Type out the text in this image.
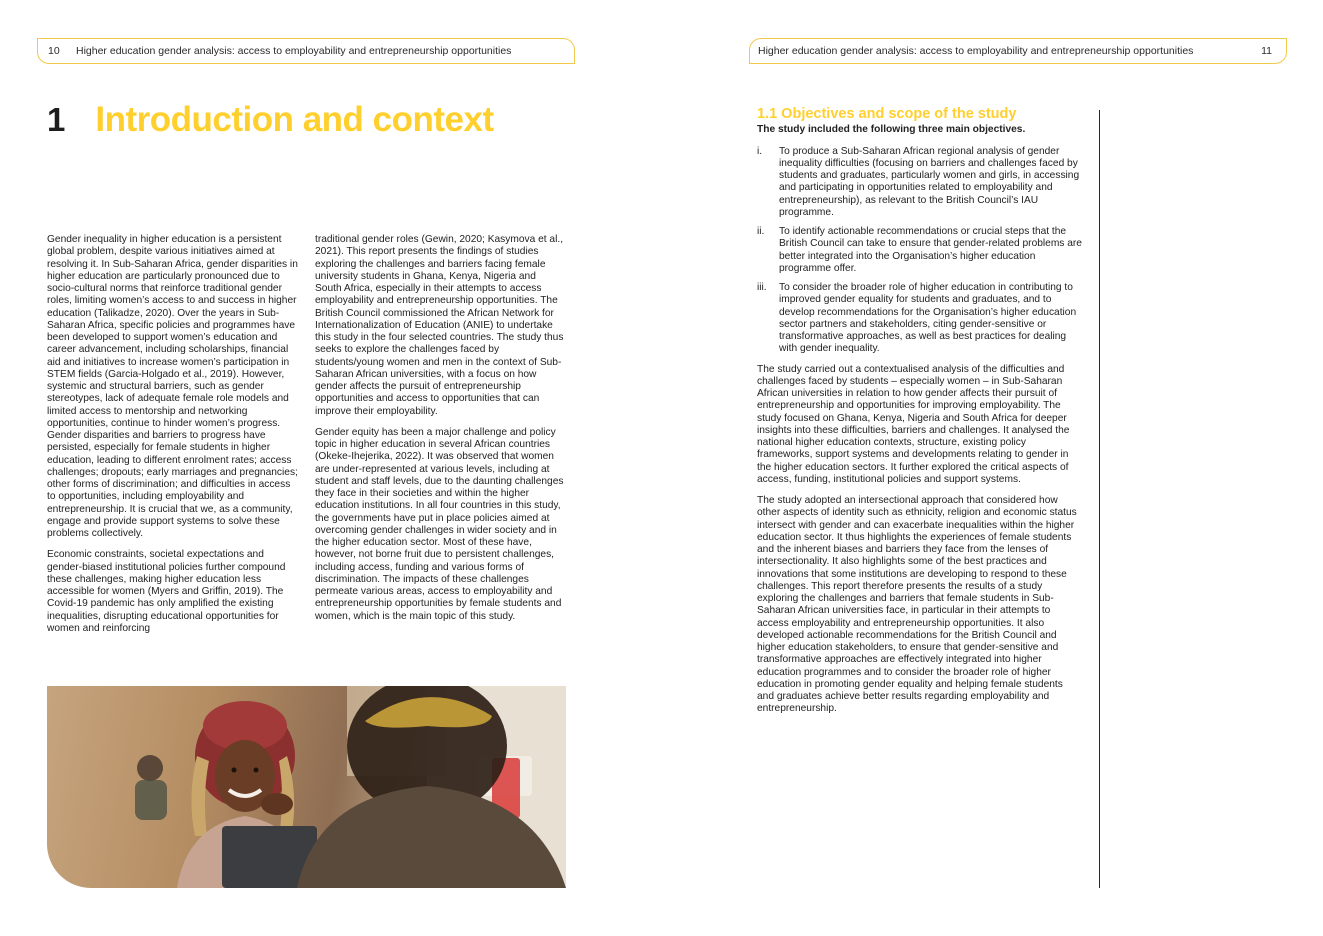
10	Higher education gender analysis: access to employability and entrepreneurship opportunities
1 Introduction and context

Gender inequality in higher education is a persistent global problem, despite various initiatives aimed at resolving it. In Sub-Saharan Africa, gender disparities in higher education are particularly pronounced due to socio-cultural norms that reinforce traditional gender roles, limiting women’s access to and success in higher education (Talikadze, 2020). Over the years in Sub-Saharan Africa, specific policies and programmes have been developed to support women’s education and career advancement, including scholarships, financial aid and initiatives to increase women’s participation in STEM fields (Garcia-Holgado et al., 2019). However, systemic and structural barriers, such as gender stereotypes, lack of adequate female role models and limited access to mentorship and networking opportunities, continue to hinder women’s progress. Gender disparities and barriers to progress have persisted, especially for female students in higher education, leading to different enrolment rates; access challenges; dropouts; early marriages and pregnancies; other forms of discrimination; and difficulties in access to opportunities, including employability and entrepreneurship. It is crucial that we, as a community, engage and provide support systems to solve these problems collectively.

Economic constraints, societal expectations and gender-biased institutional policies further compound these challenges, making higher education less accessible for women (Myers and Griffin, 2019). The Covid-19 pandemic has only amplified the existing inequalities, disrupting educational opportunities for women and reinforcing

traditional gender roles (Gewin, 2020; Kasymova et al., 2021). This report presents the findings of studies exploring the challenges and barriers facing female university students in Ghana, Kenya, Nigeria and South Africa, especially in their attempts to access employability and entrepreneurship opportunities. The British Council commissioned the African Network for Internationalization of Education (ANIE) to undertake this study in the four selected countries. The study thus seeks to explore the challenges faced by students/young women and men in the context of Sub-Saharan African universities, with a focus on how gender affects the pursuit of entrepreneurship opportunities and access to opportunities that can improve their employability.

Gender equity has been a major challenge and policy topic in higher education in several African countries (Okeke-Ihejerika, 2022). It was observed that women are under-represented at various levels, including at student and staff levels, due to the daunting challenges they face in their societies and within the higher education institutions. In all four countries in this study, the governments have put in place policies aimed at overcoming gender challenges in wider society and in the higher education sector. Most of these have, however, not borne fruit due to persistent challenges, including access, funding and various forms of discrimination. The impacts of these challenges permeate various areas, access to employability and entrepreneurship opportunities by female students and women, which is the main topic of this study.

Higher education gender analysis: access to employability and entrepreneurship opportunities	11
1.1 Objectives and scope of the study

The study included the following three main objectives.

i.	To produce a Sub-Saharan African regional analysis of gender inequality difficulties (focusing on barriers and challenges faced by students and graduates, particularly women and girls, in accessing and participating in opportunities related to employability and entrepreneurship), as relevant to the British Council’s IAU programme.
ii.	To identify actionable recommendations or crucial steps that the British Council can take to ensure that gender-related problems are better integrated into the Organisation’s higher education programme offer.
iii.	To consider the broader role of higher education in contributing to improved gender equality for students and graduates, and to develop recommendations for the Organisation’s higher education sector partners and stakeholders, citing gender-sensitive or transformative approaches, as well as best practices for dealing with gender inequality.

The study carried out a contextualised analysis of the difficulties and challenges faced by students – especially women – in Sub-Saharan African universities in relation to how gender affects their pursuit of entrepreneurship and opportunities for improving employability. The study focused on Ghana, Kenya, Nigeria and South Africa for deeper insights into these difficulties, barriers and challenges. It analysed the national higher education contexts, structure, existing policy frameworks, support systems and developments relating to gender in the higher education sectors. It further explored the critical aspects of access, funding, institutional policies and support systems.

The study adopted an intersectional approach that considered how other aspects of identity such as ethnicity, religion and economic status intersect with gender and can exacerbate inequalities within the higher education sector. It thus highlights the experiences of female students and the inherent biases and barriers they face from the lenses of intersectionality. It also highlights some of the best practices and innovations that some institutions are developing to respond to these challenges. This report therefore presents the results of a study exploring the challenges and barriers that female students in Sub-Saharan African universities face, in particular in their attempts to access employability and entrepreneurship opportunities. It also developed actionable recommendations for the British Council and higher education stakeholders, to ensure that gender-sensitive and transformative approaches are effectively integrated into higher education programmes and to consider the broader role of higher education in promoting gender equality and helping female students and graduates achieve better results regarding employability and entrepreneurship.
